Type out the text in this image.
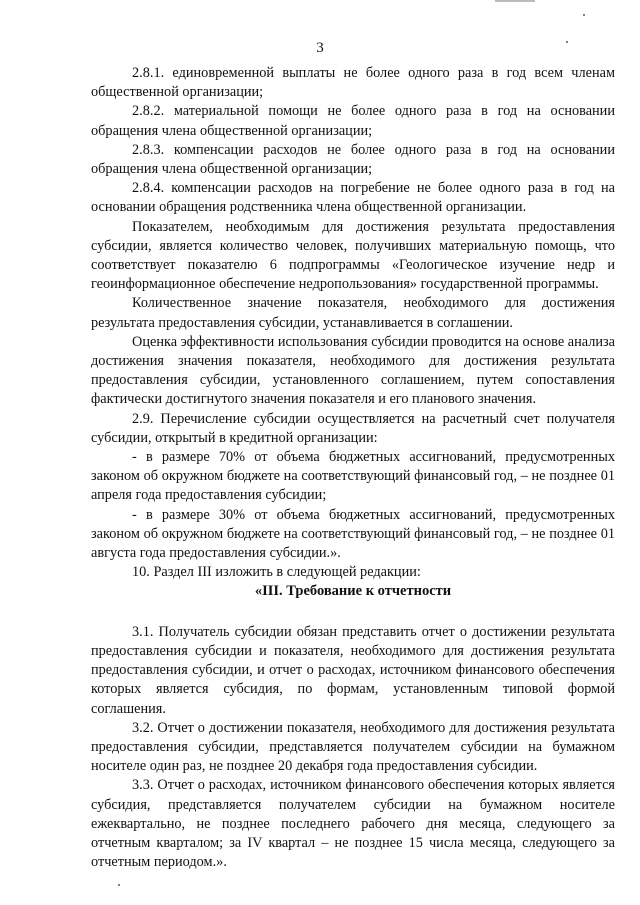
3

2.8.1. единовременной выплаты не более одного раза в год всем членам общественной организации;

2.8.2. материальной помощи не более одного раза в год на основании обращения члена общественной организации;

2.8.3. компенсации расходов не более одного раза в год на основании обращения члена общественной организации;

2.8.4. компенсации расходов на погребение не более одного раза в год на основании обращения родственника члена общественной организации.

Показателем, необходимым для достижения результата предоставления субсидии, является количество человек, получивших материальную помощь, что соответствует показателю 6 подпрограммы «Геологическое изучение недр и геоинформационное обеспечение недропользования» государственной программы.

Количественное значение показателя, необходимого для достижения результата предоставления субсидии, устанавливается в соглашении.

Оценка эффективности использования субсидии проводится на основе анализа достижения значения показателя, необходимого для достижения результата предоставления субсидии, установленного соглашением, путем сопоставления фактически достигнутого значения показателя и его планового значения.

2.9. Перечисление субсидии осуществляется на расчетный счет получателя субсидии, открытый в кредитной организации:

- в размере 70% от объема бюджетных ассигнований, предусмотренных законом об окружном бюджете на соответствующий финансовый год, – не позднее 01 апреля года предоставления субсидии;

- в размере 30% от объема бюджетных ассигнований, предусмотренных законом об окружном бюджете на соответствующий финансовый год, – не позднее 01 августа года предоставления субсидии.».

10. Раздел III изложить в следующей редакции:

«III. Требование к отчетности

3.1. Получатель субсидии обязан представить отчет о достижении результата предоставления субсидии и показателя, необходимого для достижения результата предоставления субсидии, и отчет о расходах, источником финансового обеспечения которых является субсидия, по формам, установленным типовой формой соглашения.

3.2. Отчет о достижении показателя, необходимого для достижения результата предоставления субсидии, представляется получателем субсидии на бумажном носителе один раз, не позднее 20 декабря года предоставления субсидии.

3.3. Отчет о расходах, источником финансового обеспечения которых является субсидия, представляется получателем субсидии на бумажном носителе ежеквартально, не позднее последнего рабочего дня месяца, следующего за отчетным кварталом; за IV квартал – не позднее 15 числа месяца, следующего за отчетным периодом.».
